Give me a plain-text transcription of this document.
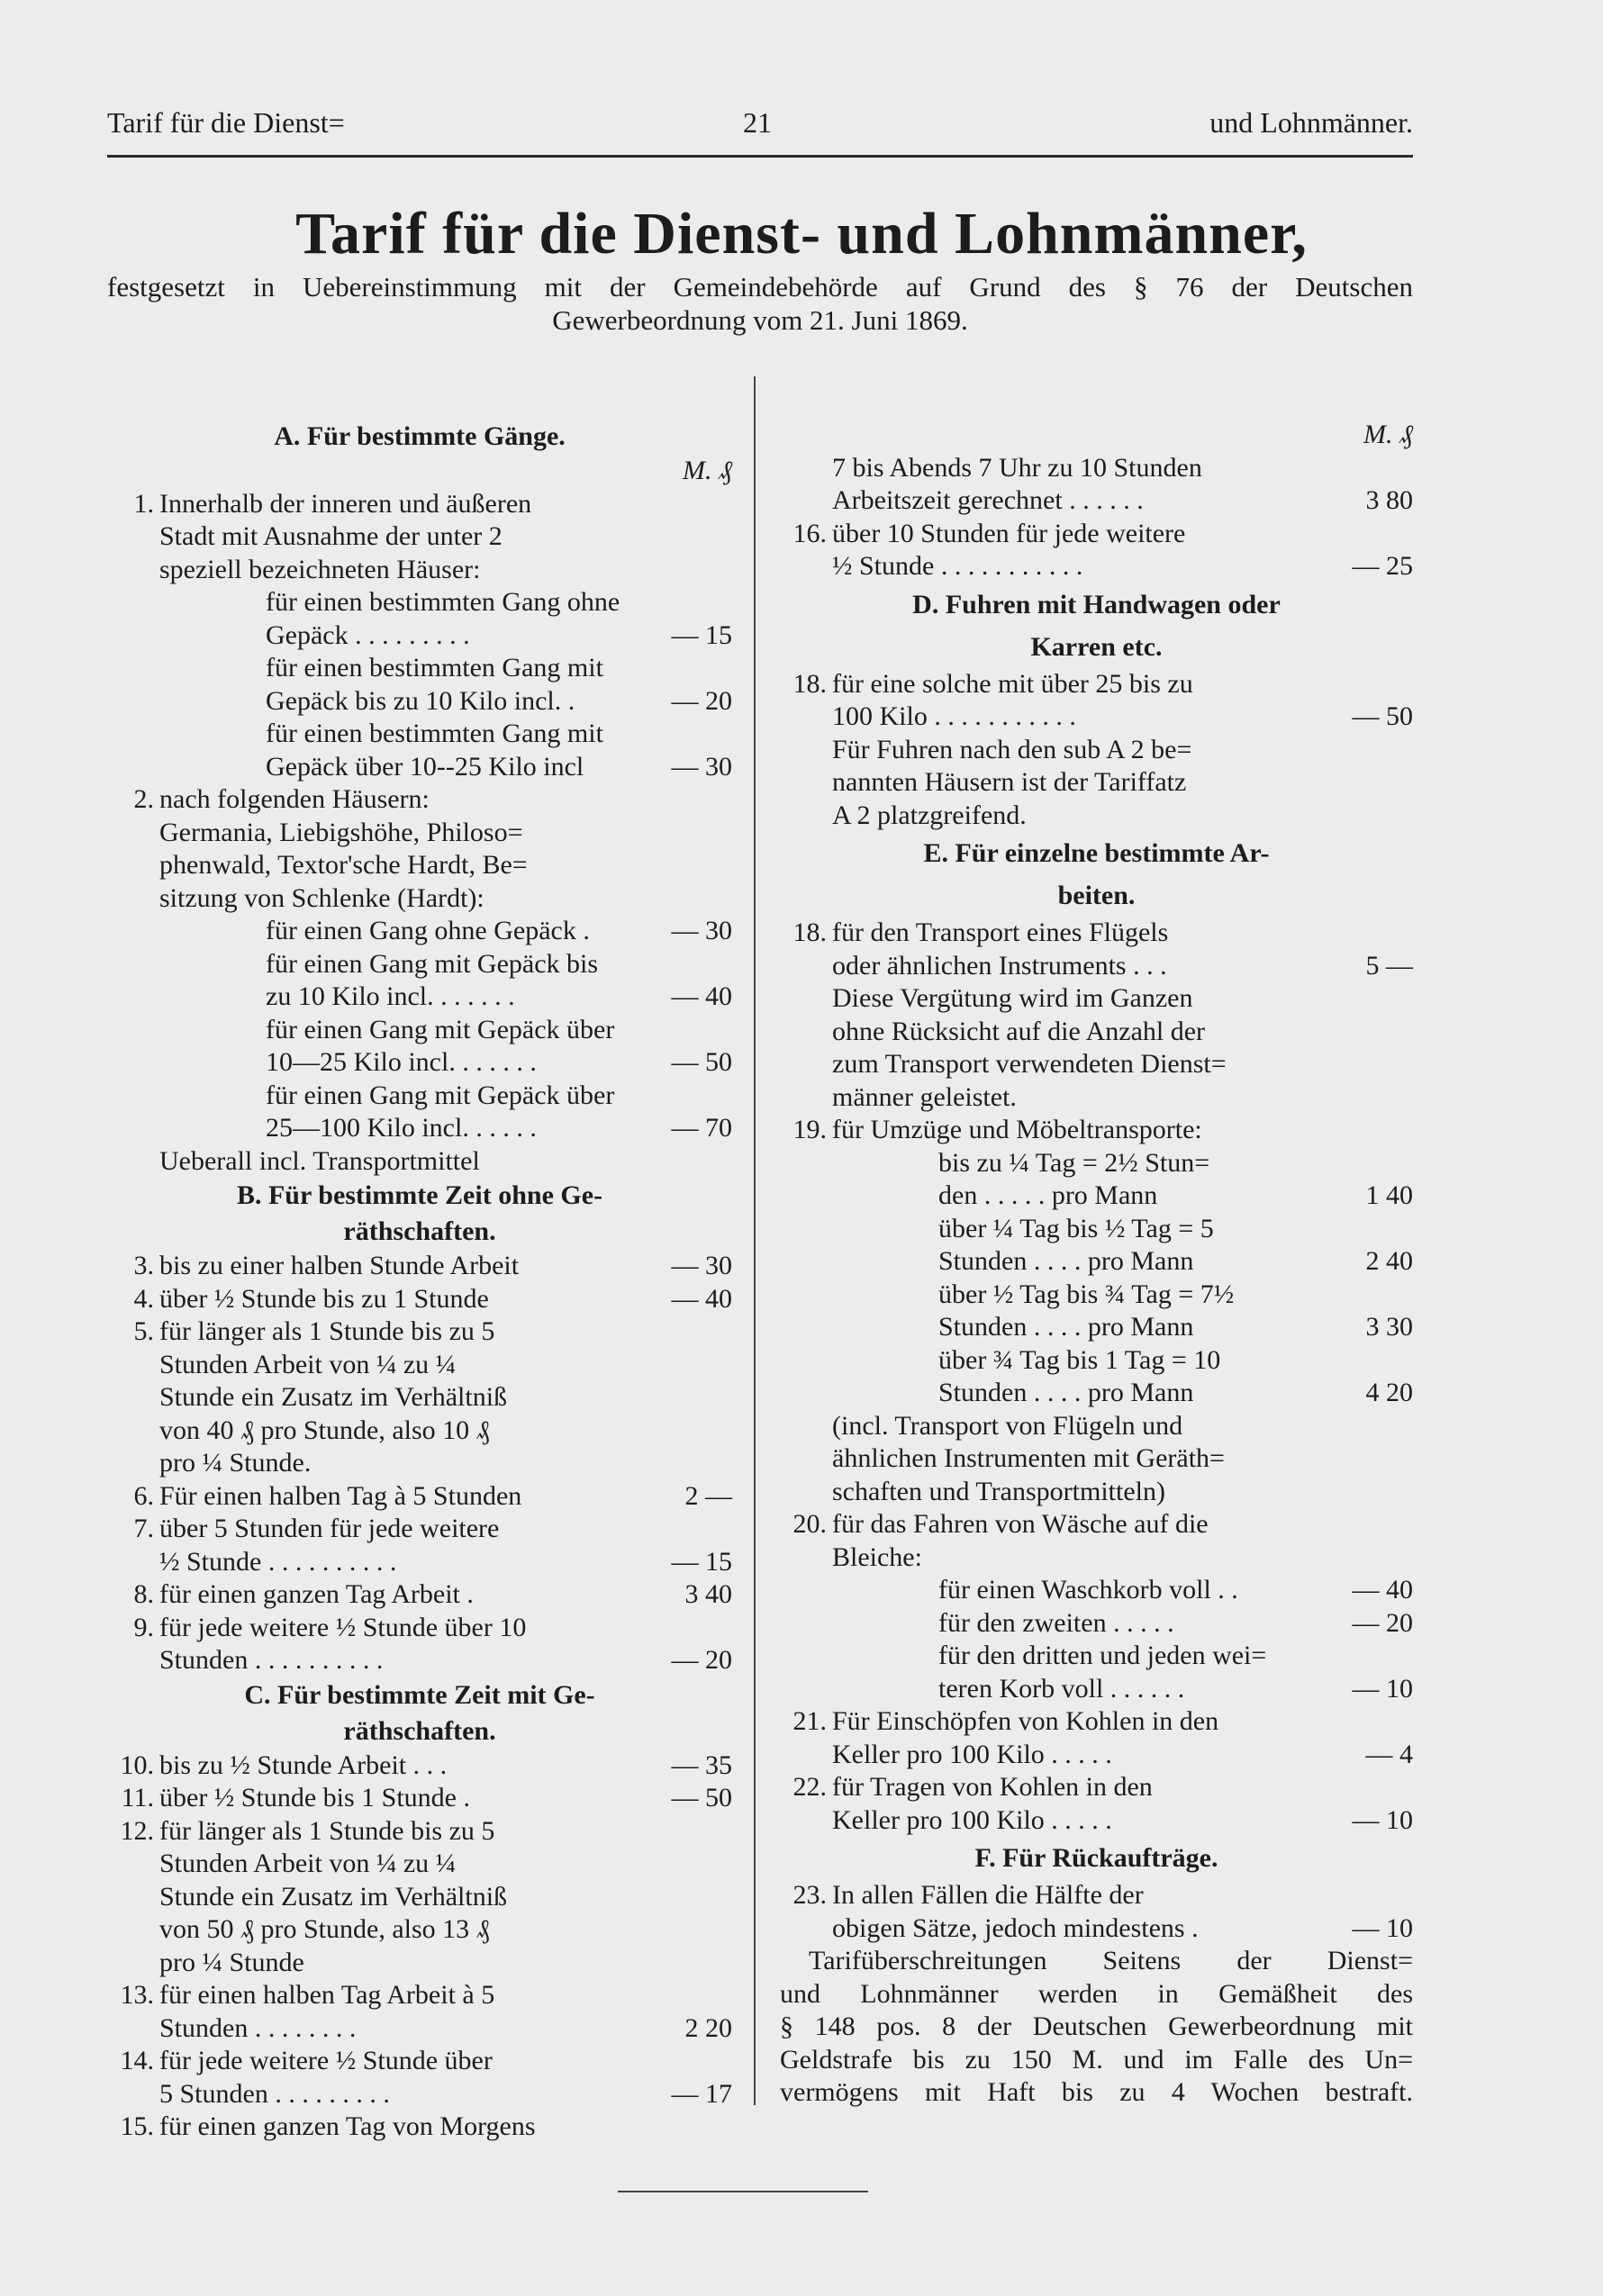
Tarif für die Dienst=	21	und Lohnmänner.
Tarif für die Dienst- und Lohnmänner,
festgesetzt in Uebereinstimmung mit der Gemeindebehörde auf Grund des § 76 der Deutschen
Gewerbeordnung vom 21. Juni 1869.
A. Für bestimmte Gänge.
M. ₰
1. Innerhalb der inneren und äußeren
Stadt mit Ausnahme der unter 2
speziell bezeichneten Häuser:
für einen bestimmten Gang ohne
Gepäck . . . . . . . . .	— 15
für einen bestimmten Gang mit
Gepäck bis zu 10 Kilo incl. .	— 20
für einen bestimmten Gang mit
Gepäck über 10--25 Kilo incl	— 30
2. nach folgenden Häusern:
Germania, Liebigshöhe, Philoso=
phenwald, Textor'sche Hardt, Be=
sitzung von Schlenke (Hardt):
für einen Gang ohne Gepäck .	— 30
für einen Gang mit Gepäck bis
zu 10 Kilo incl. . . . . . .	— 40
für einen Gang mit Gepäck über
10—25 Kilo incl. . . . . . .	— 50
für einen Gang mit Gepäck über
25—100 Kilo incl. . . . . .	— 70
Ueberall incl. Transportmittel
B. Für bestimmte Zeit ohne Ge-
räthschaften.
3. bis zu einer halben Stunde Arbeit	— 30
4. über ½ Stunde bis zu 1 Stunde	— 40
5. für länger als 1 Stunde bis zu 5
Stunden Arbeit von ¼ zu ¼
Stunde ein Zusatz im Verhältniß
von 40 ₰ pro Stunde, also 10 ₰
pro ¼ Stunde.
6. Für einen halben Tag à 5 Stunden	2 —
7. über 5 Stunden für jede weitere
½ Stunde . . . . . . . . . .	— 15
8. für einen ganzen Tag Arbeit .	3 40
9. für jede weitere ½ Stunde über 10
Stunden . . . . . . . . . .	— 20
C. Für bestimmte Zeit mit Ge-
räthschaften.
10. bis zu ½ Stunde Arbeit . . .	— 35
11. über ½ Stunde bis 1 Stunde .	— 50
12. für länger als 1 Stunde bis zu 5
Stunden Arbeit von ¼ zu ¼
Stunde ein Zusatz im Verhältniß
von 50 ₰ pro Stunde, also 13 ₰
pro ¼ Stunde
13. für einen halben Tag Arbeit à 5
Stunden . . . . . . . .	2 20
14. für jede weitere ½ Stunde über
5 Stunden . . . . . . . . .	— 17
15. für einen ganzen Tag von Morgens
M. ₰
7 bis Abends 7 Uhr zu 10 Stunden
Arbeitszeit gerechnet . . . . . .	3 80
16. über 10 Stunden für jede weitere
½ Stunde . . . . . . . . . . .	— 25
D. Fuhren mit Handwagen oder
Karren etc.
18. für eine solche mit über 25 bis zu
100 Kilo . . . . . . . . . . .	— 50
Für Fuhren nach den sub A 2 be=
nannten Häusern ist der Tariffatz
A 2 platzgreifend.
E. Für einzelne bestimmte Ar-
beiten.
18. für den Transport eines Flügels
oder ähnlichen Instruments . . .	5 —
Diese Vergütung wird im Ganzen
ohne Rücksicht auf die Anzahl der
zum Transport verwendeten Dienst=
männer geleistet.
19. für Umzüge und Möbeltransporte:
bis zu ¼ Tag = 2½ Stun=
den . . . . . pro Mann	1 40
über ¼ Tag bis ½ Tag = 5
Stunden . . . . pro Mann	2 40
über ½ Tag bis ¾ Tag = 7½
Stunden . . . . pro Mann	3 30
über ¾ Tag bis 1 Tag = 10
Stunden . . . . pro Mann	4 20
(incl. Transport von Flügeln und
ähnlichen Instrumenten mit Geräth=
schaften und Transportmitteln)
20. für das Fahren von Wäsche auf die
Bleiche:
für einen Waschkorb voll . .	— 40
für den zweiten . . . . .	— 20
für den dritten und jeden wei=
teren Korb voll . . . . . .	— 10
21. Für Einschöpfen von Kohlen in den
Keller pro 100 Kilo . . . . .	— 4
22. für Tragen von Kohlen in den
Keller pro 100 Kilo . . . . .	— 10
F. Für Rückaufträge.
23. In allen Fällen die Hälfte der
obigen Sätze, jedoch mindestens .	— 10
Tarifüberschreitungen Seitens der Dienst=
und Lohnmänner werden in Gemäßheit des
§ 148 pos. 8 der Deutschen Gewerbeordnung mit
Geldstrafe bis zu 150 M. und im Falle des Un=
vermögens mit Haft bis zu 4 Wochen bestraft.
